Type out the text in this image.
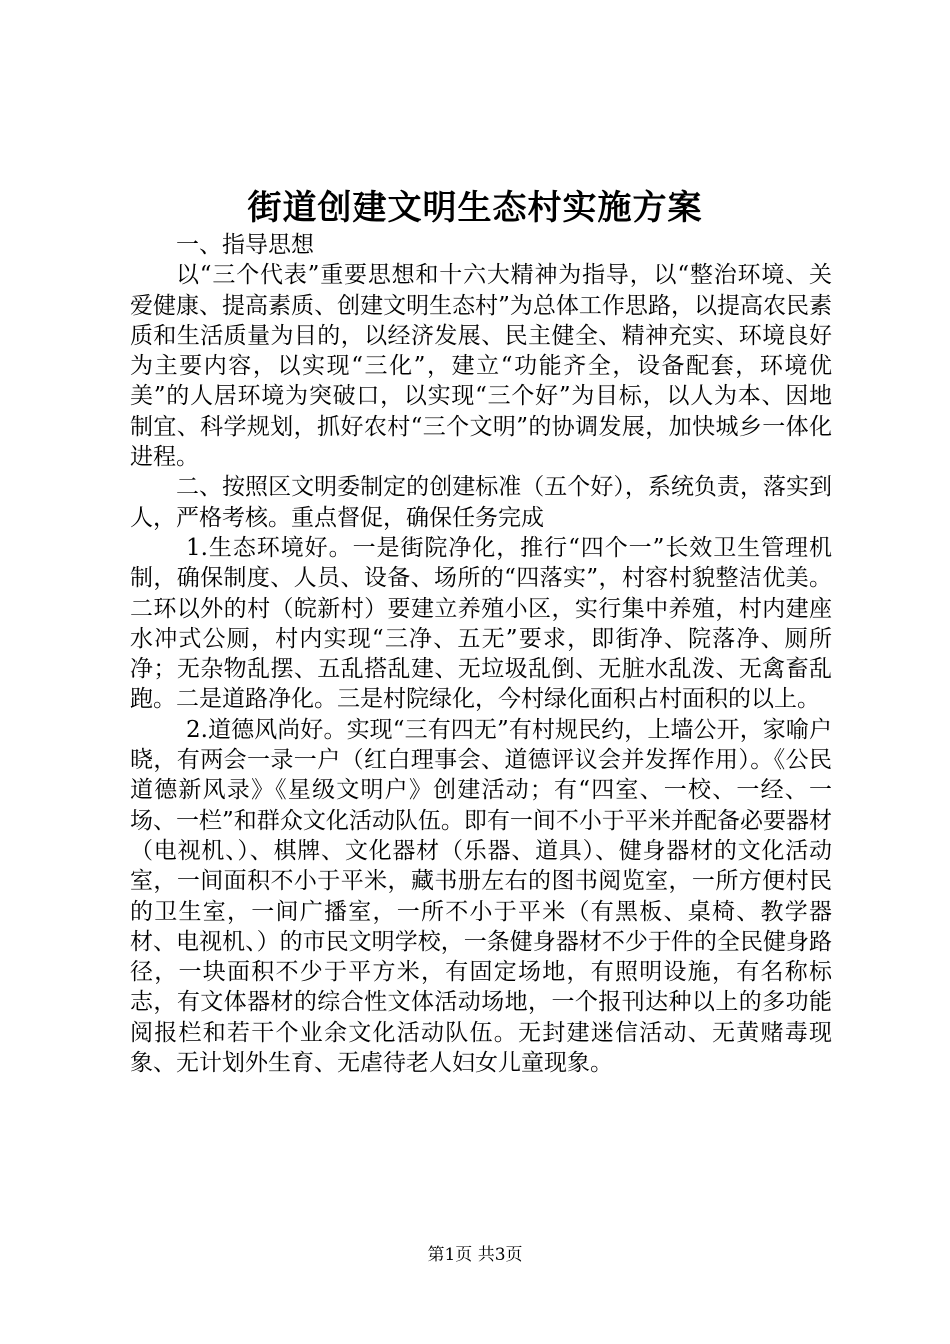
街道创建文明生态村实施方案

一、指导思想

以“三个代表”重要思想和十六大精神为指导，以“整治环境、关爱健康、提高素质、创建文明生态村”为总体工作思路，以提高农民素质和生活质量为目的，以经济发展、民主健全、精神充实、环境良好为主要内容，以实现“三化”，建立“功能齐全，设备配套，环境优美”的人居环境为突破口，以实现“三个好”为目标，以人为本、因地制宜、科学规划，抓好农村“三个文明”的协调发展，加快城乡一体化进程。

二、按照区文明委制定的创建标准（五个好），系统负责，落实到人，严格考核。重点督促，确保任务完成

1.生态环境好。一是街院净化，推行“四个一”长效卫生管理机制，确保制度、人员、设备、场所的“四落实”，村容村貌整洁优美。二环以外的村（皖新村）要建立养殖小区，实行集中养殖，村内建座水冲式公厕，村内实现“三净、五无”要求，即街净、院落净、厕所净；无杂物乱摆、五乱搭乱建、无垃圾乱倒、无脏水乱泼、无禽畜乱跑。二是道路净化。三是村院绿化，今村绿化面积占村面积的以上。

2.道德风尚好。实现“三有四无”有村规民约，上墙公开，家喻户晓，有两会一录一户（红白理事会、道德评议会并发挥作用）。《公民道德新风录》《星级文明户》创建活动；有“四室、一校、一经、一场、一栏”和群众文化活动队伍。即有一间不小于平米并配备必要器材（电视机、）、棋牌、文化器材（乐器、道具）、健身器材的文化活动室，一间面积不小于平米，藏书册左右的图书阅览室，一所方便村民的卫生室，一间广播室，一所不小于平米（有黑板、桌椅、教学器材、电视机、）的市民文明学校，一条健身器材不少于件的全民健身路径，一块面积不少于平方米，有固定场地，有照明设施，有名称标志，有文体器材的综合性文体活动场地，一个报刊达种以上的多功能阅报栏和若干个业余文化活动队伍。无封建迷信活动、无黄赌毒现象、无计划外生育、无虐待老人妇女儿童现象。

第1页 共3页
